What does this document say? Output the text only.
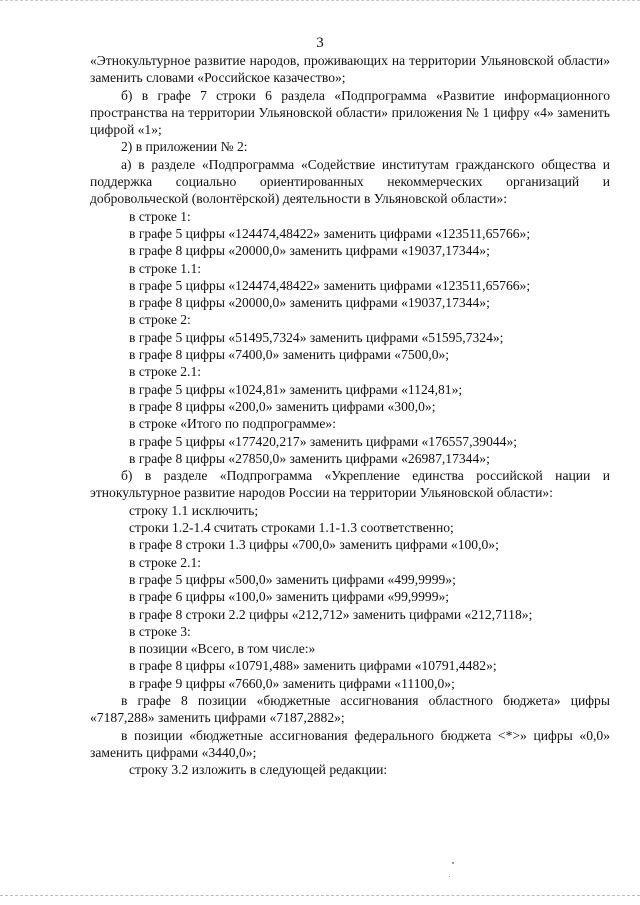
3

«Этнокультурное развитие народов, проживающих на территории Ульяновской области» заменить словами «Российское казачество»;

б) в графе 7 строки 6 раздела «Подпрограмма «Развитие информационного пространства на территории Ульяновской области» приложения № 1 цифру «4» заменить цифрой «1»;

2) в приложении № 2:

а) в разделе «Подпрограмма «Содействие институтам гражданского общества и поддержка социально ориентированных некоммерческих организаций и добровольческой (волонтёрской) деятельности в Ульяновской области»:

в строке 1:

в графе 5 цифры «124474,48422» заменить цифрами «123511,65766»;

в графе 8 цифры «20000,0» заменить цифрами «19037,17344»;

в строке 1.1:

в графе 5 цифры «124474,48422» заменить цифрами «123511,65766»;

в графе 8 цифры «20000,0» заменить цифрами «19037,17344»;

в строке 2:

в графе 5 цифры «51495,7324» заменить цифрами «51595,7324»;

в графе 8 цифры «7400,0» заменить цифрами «7500,0»;

в строке 2.1:

в графе 5 цифры «1024,81» заменить цифрами «1124,81»;

в графе 8 цифры «200,0» заменить цифрами «300,0»;

в строке «Итого по подпрограмме»:

в графе 5 цифры «177420,217» заменить цифрами «176557,39044»;

в графе 8 цифры «27850,0» заменить цифрами «26987,17344»;

б) в разделе «Подпрограмма «Укрепление единства российской нации и этнокультурное развитие народов России на территории Ульяновской области»:

строку 1.1 исключить;

строки 1.2-1.4 считать строками 1.1-1.3 соответственно;

в графе 8 строки 1.3 цифры «700,0» заменить цифрами «100,0»;

в строке 2.1:

в графе 5 цифры «500,0» заменить цифрами «499,9999»;

в графе 6 цифры «100,0» заменить цифрами «99,9999»;

в графе 8 строки 2.2 цифры «212,712» заменить цифрами «212,7118»;

в строке 3:

в позиции «Всего, в том числе:»

в графе 8 цифры «10791,488» заменить цифрами «10791,4482»;

в графе 9 цифры «7660,0» заменить цифрами «11100,0»;

в графе 8 позиции «бюджетные ассигнования областного бюджета» цифры «7187,288» заменить цифрами «7187,2882»;

в позиции «бюджетные ассигнования федерального бюджета <*>» цифры «0,0» заменить цифрами «3440,0»;

строку 3.2 изложить в следующей редакции:
